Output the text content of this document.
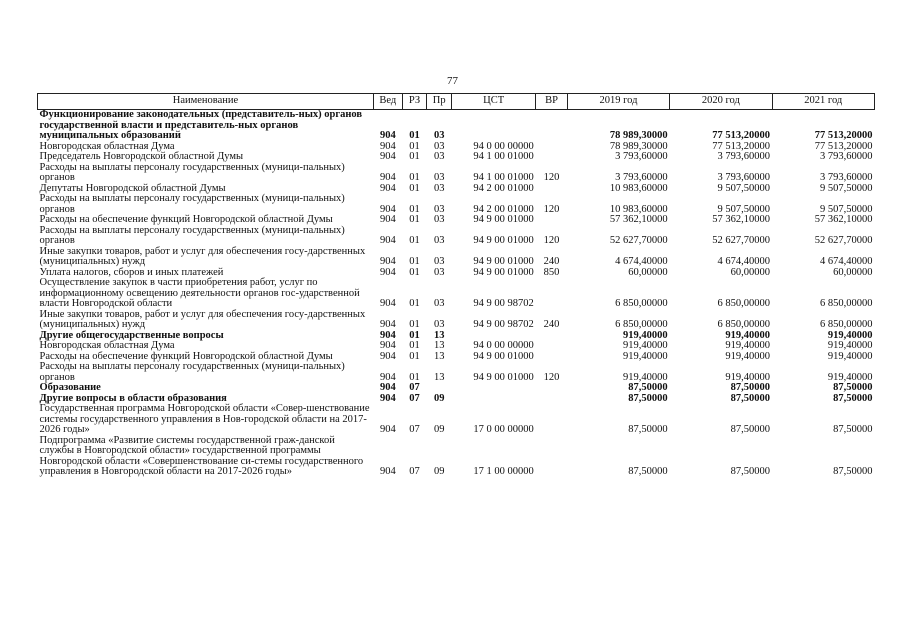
77
Наименование	Вед	РЗ	Пр	ЦСТ	ВР	2019 год	2020 год	2021 год
Функционирование законодательных (представитель-ных) органов государственной власти и представитель-ных органов муниципальных образований	904	01	03			78 989,30000	77 513,20000	77 513,20000
Новгородская областная Дума	904	01	03	94 0 00 00000		78 989,30000	77 513,20000	77 513,20000
Председатель Новгородской областной Думы	904	01	03	94 1 00 01000		3 793,60000	3 793,60000	3 793,60000
Расходы на выплаты персоналу государственных (муници-пальных) органов	904	01	03	94 1 00 01000	120	3 793,60000	3 793,60000	3 793,60000
Депутаты Новгородской областной Думы	904	01	03	94 2 00 01000		10 983,60000	9 507,50000	9 507,50000
Расходы на выплаты персоналу государственных (муници-пальных) органов	904	01	03	94 2 00 01000	120	10 983,60000	9 507,50000	9 507,50000
Расходы на обеспечение функций Новгородской областной Думы	904	01	03	94 9 00 01000		57 362,10000	57 362,10000	57 362,10000
Расходы на выплаты персоналу государственных (муници-пальных) органов	904	01	03	94 9 00 01000	120	52 627,70000	52 627,70000	52 627,70000
Иные закупки товаров, работ и услуг для обеспечения госу-дарственных (муниципальных) нужд	904	01	03	94 9 00 01000	240	4 674,40000	4 674,40000	4 674,40000
Уплата налогов, сборов и иных платежей	904	01	03	94 9 00 01000	850	60,00000	60,00000	60,00000
Осуществление закупок в части приобретения работ, услуг по информационному освещению деятельности органов гос-ударственной власти Новгородской области	904	01	03	94 9 00 98702		6 850,00000	6 850,00000	6 850,00000
Иные закупки товаров, работ и услуг для обеспечения госу-дарственных (муниципальных) нужд	904	01	03	94 9 00 98702	240	6 850,00000	6 850,00000	6 850,00000
Другие общегосударственные вопросы	904	01	13			919,40000	919,40000	919,40000
Новгородская областная Дума	904	01	13	94 0 00 00000		919,40000	919,40000	919,40000
Расходы на обеспечение функций Новгородской областной Думы	904	01	13	94 9 00 01000		919,40000	919,40000	919,40000
Расходы на выплаты персоналу государственных (муници-пальных) органов	904	01	13	94 9 00 01000	120	919,40000	919,40000	919,40000
Образование	904	07				87,50000	87,50000	87,50000
Другие вопросы в области образования	904	07	09			87,50000	87,50000	87,50000
Государственная программа Новгородской области «Совер-шенствование системы государственного управления в Нов-городской области на 2017-2026 годы»	904	07	09	17 0 00 00000		87,50000	87,50000	87,50000
Подпрограмма «Развитие системы государственной граж-данской службы в Новгородской области» государственной программы Новгородской области «Совершенствование си-стемы государственного управления в Новгородской области на 2017-2026 годы»	904	07	09	17 1 00 00000		87,50000	87,50000	87,50000
